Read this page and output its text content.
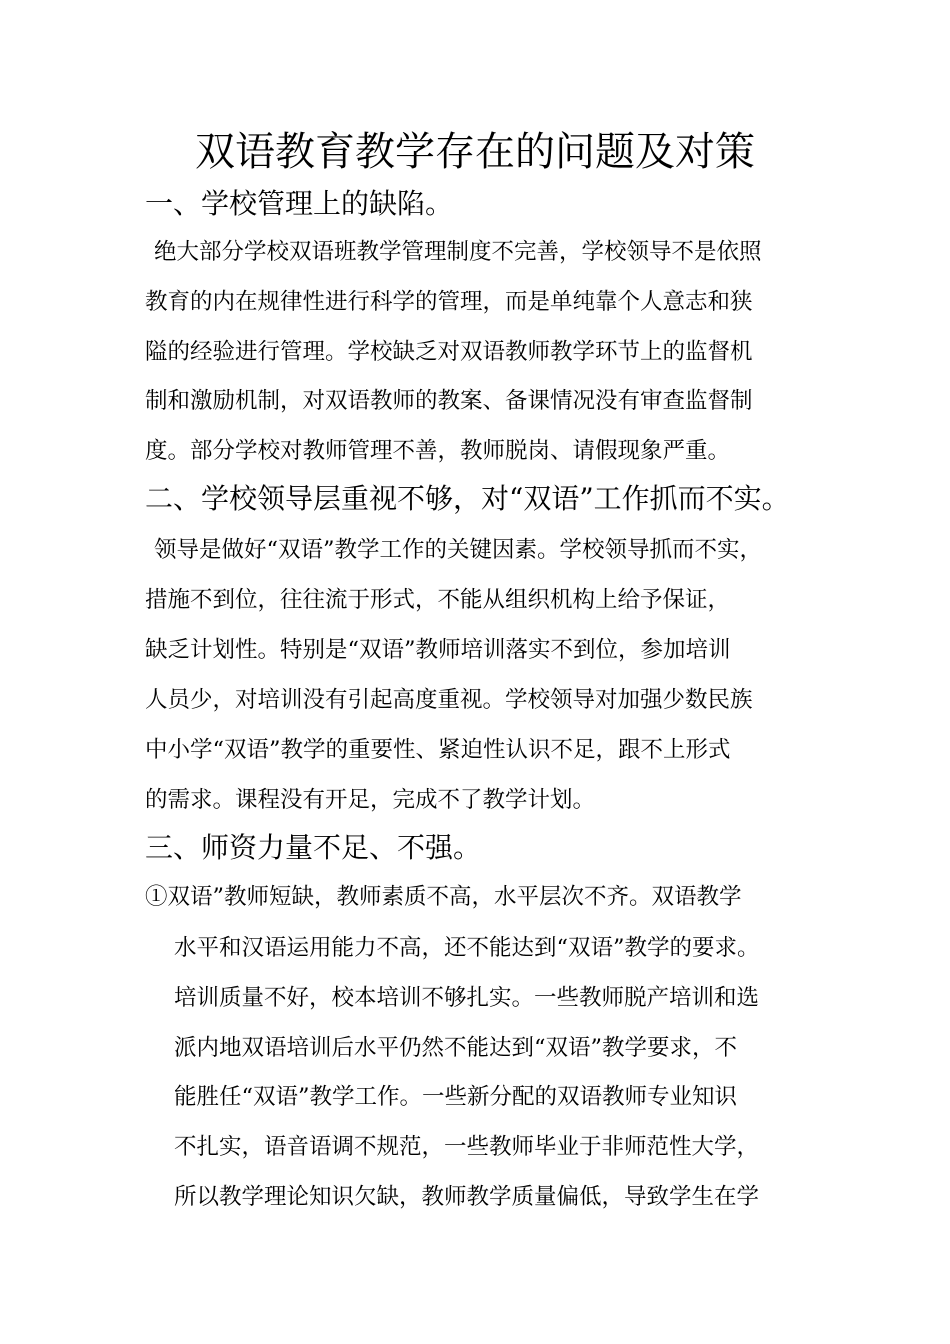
双语教育教学存在的问题及对策
一、学校管理上的缺陷。
绝大部分学校双语班教学管理制度不完善，学校领导不是依照
教育的内在规律性进行科学的管理，而是单纯靠个人意志和狭
隘的经验进行管理。学校缺乏对双语教师教学环节上的监督机
制和激励机制，对双语教师的教案、备课情况没有审查监督制
度。部分学校对教师管理不善，教师脱岗、请假现象严重。
二、学校领导层重视不够，对“双语”工作抓而不实。
领导是做好“双语”教学工作的关键因素。学校领导抓而不实，
措施不到位，往往流于形式，不能从组织机构上给予保证，
缺乏计划性。特别是“双语”教师培训落实不到位，参加培训
人员少，对培训没有引起高度重视。学校领导对加强少数民族
中小学“双语”教学的重要性、紧迫性认识不足，跟不上形式
的需求。课程没有开足，完成不了教学计划。
三、师资力量不足、不强。
①双语”教师短缺，教师素质不高，水平层次不齐。双语教学
水平和汉语运用能力不高，还不能达到“双语”教学的要求。
培训质量不好，校本培训不够扎实。一些教师脱产培训和选
派内地双语培训后水平仍然不能达到“双语”教学要求，不
能胜任“双语”教学工作。一些新分配的双语教师专业知识
不扎实，语音语调不规范，一些教师毕业于非师范性大学，
所以教学理论知识欠缺，教师教学质量偏低，导致学生在学
